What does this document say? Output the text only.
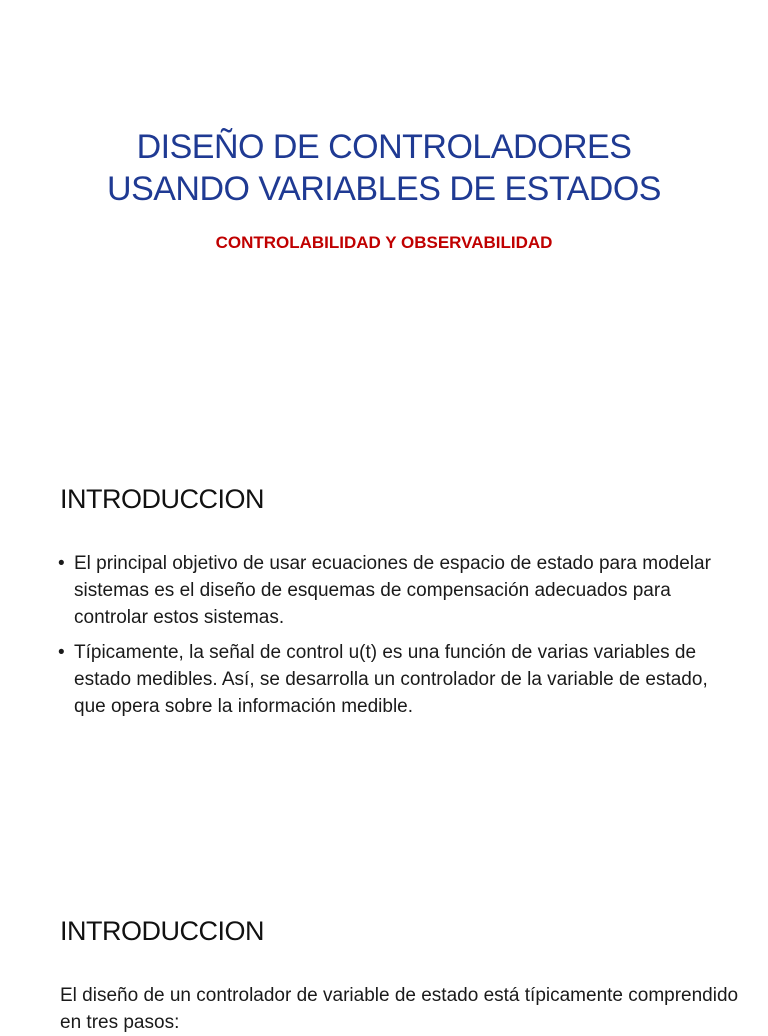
DISEÑO DE CONTROLADORES
USANDO VARIABLES DE ESTADOS
CONTROLABILIDAD Y OBSERVABILIDAD
INTRODUCCION
• El principal objetivo de usar ecuaciones de espacio de estado para modelar sistemas es el diseño de esquemas de compensación adecuados para controlar estos sistemas.
• Típicamente, la señal de control u(t) es una función de varias variables de estado medibles. Así, se desarrolla un controlador de la variable de estado, que opera sobre la información medible.
INTRODUCCION

El diseño de un controlador de variable de estado está típicamente comprendido en tres pasos:
